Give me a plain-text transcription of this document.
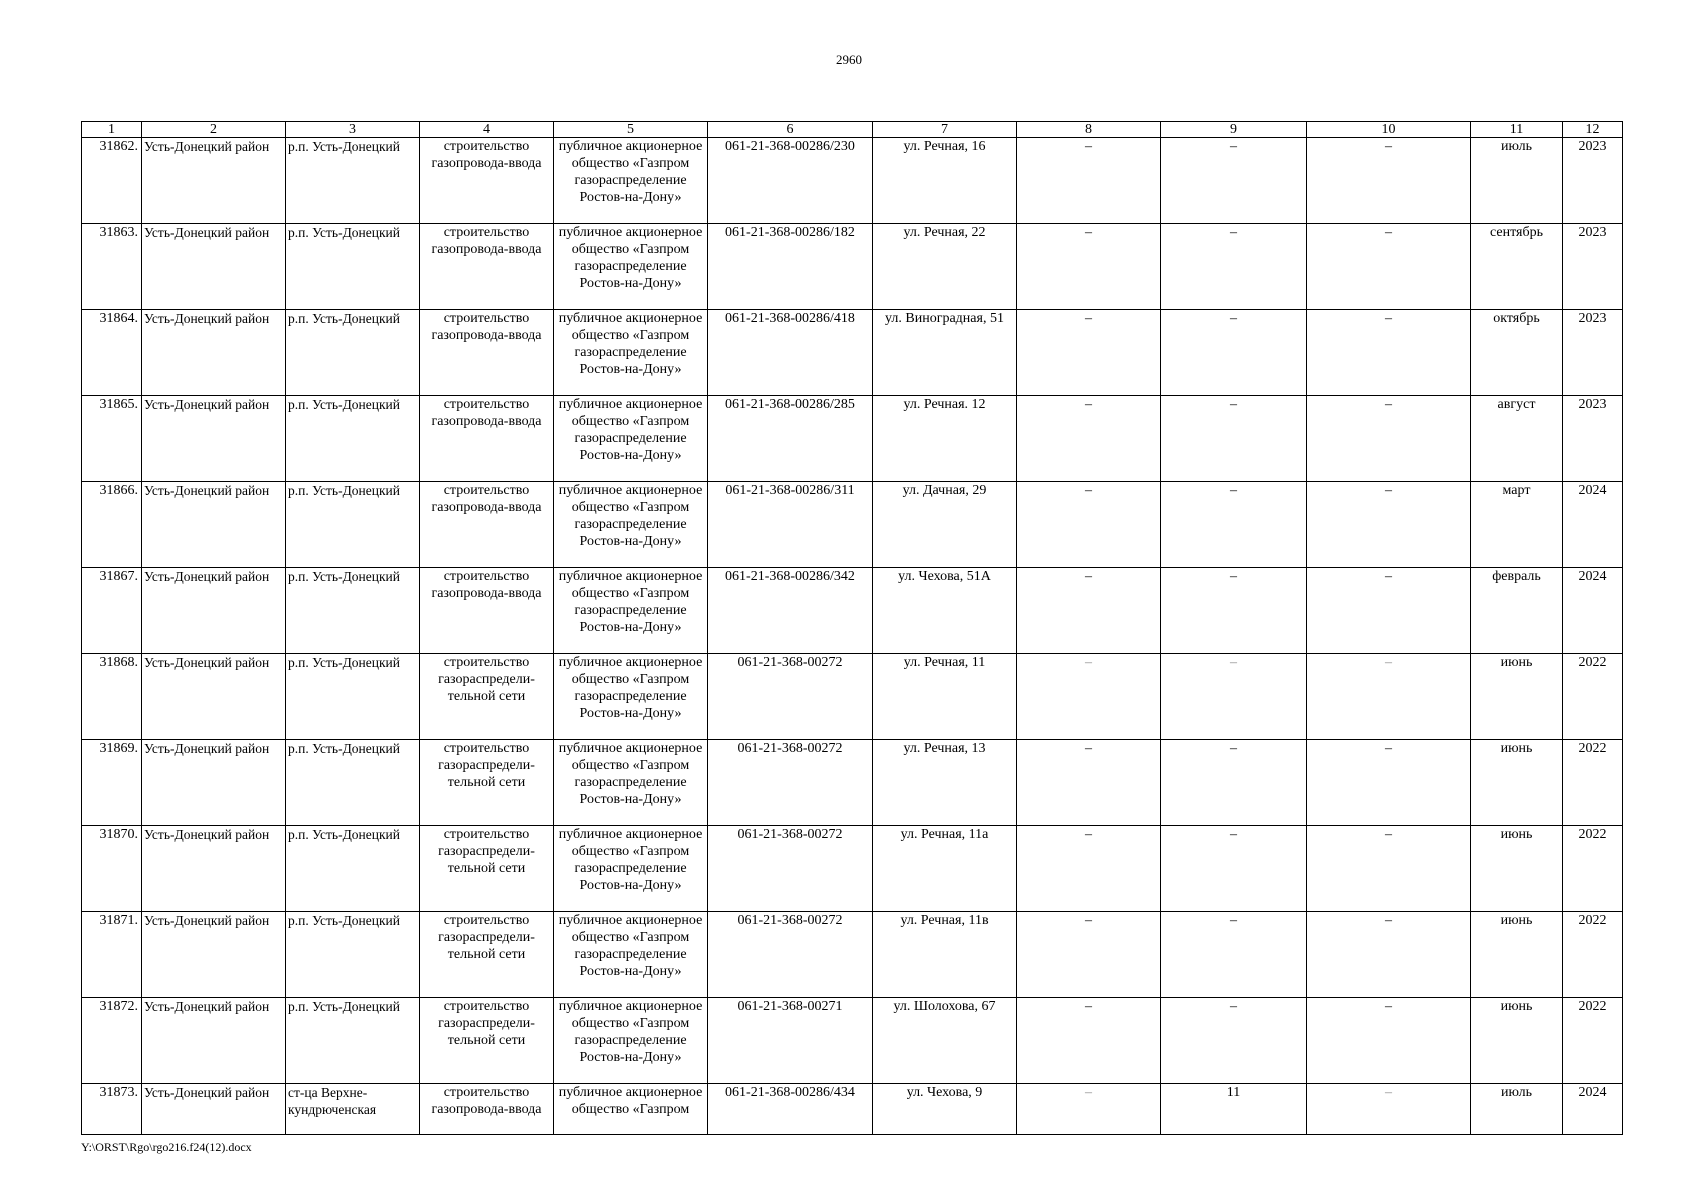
2960
1	2	3	4	5	6	7	8	9	10	11	12
31862.	Усть-Донецкий район	р.п. Усть-Донецкий	строительство газопровода-ввода	публичное акционерное общество «Газпром газораспределение Ростов-на-Дону»	061-21-368-00286/230	ул. Речная, 16	–	–	–	июль	2023
31863.	Усть-Донецкий район	р.п. Усть-Донецкий	строительство газопровода-ввода	публичное акционерное общество «Газпром газораспределение Ростов-на-Дону»	061-21-368-00286/182	ул. Речная, 22	–	–	–	сентябрь	2023
31864.	Усть-Донецкий район	р.п. Усть-Донецкий	строительство газопровода-ввода	публичное акционерное общество «Газпром газораспределение Ростов-на-Дону»	061-21-368-00286/418	ул. Виноградная, 51	–	–	–	октябрь	2023
31865.	Усть-Донецкий район	р.п. Усть-Донецкий	строительство газопровода-ввода	публичное акционерное общество «Газпром газораспределение Ростов-на-Дону»	061-21-368-00286/285	ул. Речная. 12	–	–	–	август	2023
31866.	Усть-Донецкий район	р.п. Усть-Донецкий	строительство газопровода-ввода	публичное акционерное общество «Газпром газораспределение Ростов-на-Дону»	061-21-368-00286/311	ул. Дачная, 29	–	–	–	март	2024
31867.	Усть-Донецкий район	р.п. Усть-Донецкий	строительство газопровода-ввода	публичное акционерное общество «Газпром газораспределение Ростов-на-Дону»	061-21-368-00286/342	ул. Чехова, 51А	–	–	–	февраль	2024
31868.	Усть-Донецкий район	р.п. Усть-Донецкий	строительство газораспредели-тельной сети	публичное акционерное общество «Газпром газораспределение Ростов-на-Дону»	061-21-368-00272	ул. Речная, 11	–	–	–	июнь	2022
31869.	Усть-Донецкий район	р.п. Усть-Донецкий	строительство газораспредели-тельной сети	публичное акционерное общество «Газпром газораспределение Ростов-на-Дону»	061-21-368-00272	ул. Речная, 13	–	–	–	июнь	2022
31870.	Усть-Донецкий район	р.п. Усть-Донецкий	строительство газораспредели-тельной сети	публичное акционерное общество «Газпром газораспределение Ростов-на-Дону»	061-21-368-00272	ул. Речная, 11а	–	–	–	июнь	2022
31871.	Усть-Донецкий район	р.п. Усть-Донецкий	строительство газораспредели-тельной сети	публичное акционерное общество «Газпром газораспределение Ростов-на-Дону»	061-21-368-00272	ул. Речная, 11в	–	–	–	июнь	2022
31872.	Усть-Донецкий район	р.п. Усть-Донецкий	строительство газораспредели-тельной сети	публичное акционерное общество «Газпром газораспределение Ростов-на-Дону»	061-21-368-00271	ул. Шолохова, 67	–	–	–	июнь	2022
31873.	Усть-Донецкий район	ст-ца Верхне-кундрюченская	строительство газопровода-ввода	публичное акционерное общество «Газпром	061-21-368-00286/434	ул. Чехова, 9	–	11	–	июль	2024
Y:\ORST\Rgo\rgo216.f24(12).docx
